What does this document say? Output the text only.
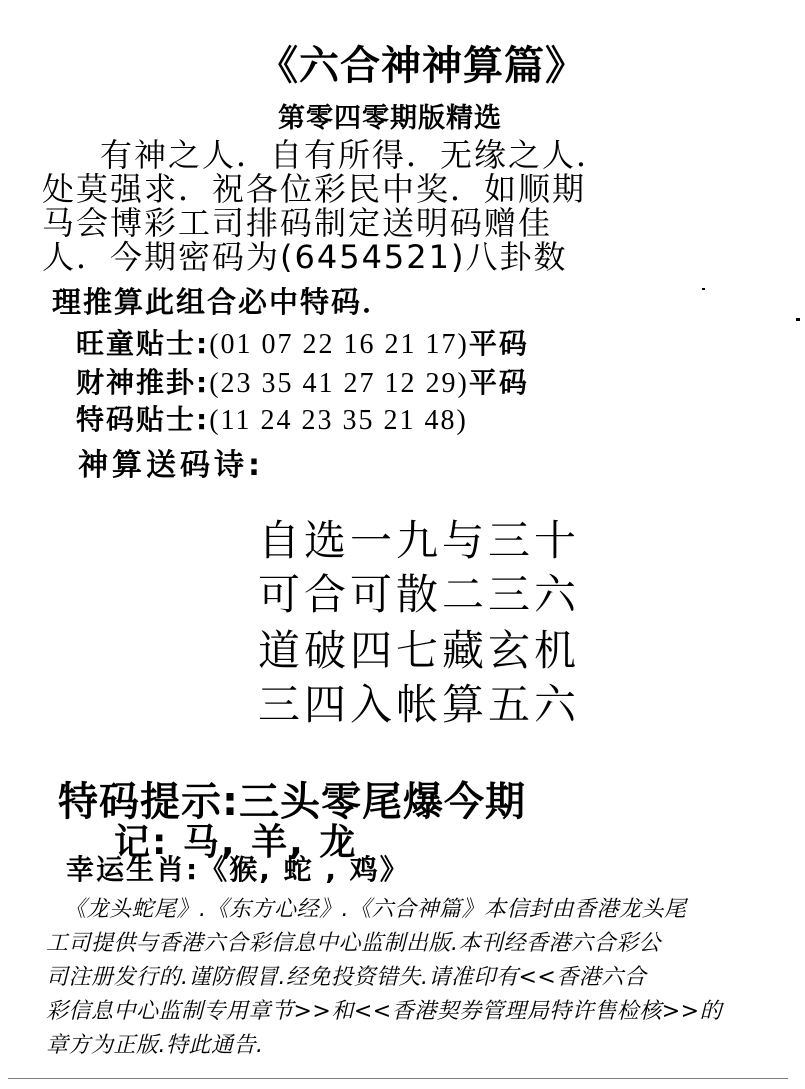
《六合神神算篇》
第零四零期版精选
有神之人．自有所得．无缘之人．
处莫强求．祝各位彩民中奖．如顺期
马会博彩工司排码制定送明码赠佳
人．今期密码为(6454521)八卦数
理推算此组合必中特码．
旺童贴士:(01 07 22 16 21 17)平码
财神推卦:(23 35 41 27 12 29)平码
特码贴士:(11 24 23 35 21 48)
神算送码诗:
自选一九与三十
可合可散二三六
道破四七藏玄机
三四入帐算五六
特码提示:三头零尾爆今期
记: 马, 羊, 龙
幸运生肖:《猴, 蛇 , 鸡》
《龙头蛇尾》.《东方心经》.《六合神篇》本信封由香港龙头尾
工司提供与香港六合彩信息中心监制出版.本刊经香港六合彩公
司注册发行的.谨防假冒.经免投资错失.请准印有<<香港六合
彩信息中心监制专用章节>>和<<香港契券管理局特许售检核>>的
章方为正版.特此通告.
